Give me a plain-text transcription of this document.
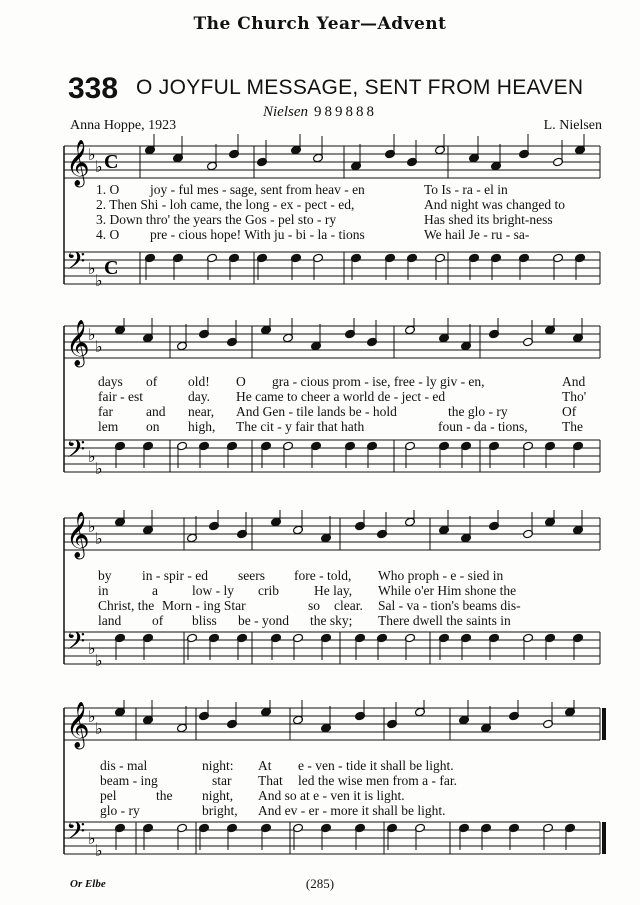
The Church Year—Advent
338 O JOYFUL MESSAGE, SENT FROM HEAVEN
Nielsen 989888
Anna Hoppe, 1923	L. Nielsen
𝄞
♭
♭ C
𝄢 ♭
♭
C
1. O joy - ful mes - sage, sent from heav - en	To Is - ra - el in
2. Then Shi - loh came, the long - ex - pect - ed,	And night was changed to
3. Down thro' the years the Gos - pel sto - ry	Has shed its bright-ness
4. O pre - cious hope! With ju - bi - la - tions	We hail Je - ru - sa-
𝄞
♭
♭
𝄢 ♭
♭
days of old! O gra - cious prom - ise, free - ly giv - en,	And
fair - est	day. He came to cheer a world de - ject - ed	Tho'
far and near, And Gen - tile lands be - hold	the glo - ry	Of
lem on high, The cit - y fair that hath	foun - da - tions,	The
𝄞
♭
♭
𝄢 ♭
♭
by in - spir - ed seers fore - told, Who proph - e - sied in
in	a	low - ly crib	He lay, While o'er Him shone the
Christ, the Morn - ing Star	so clear. Sal - va - tion's beams dis-
land of bliss be - yond the sky; There dwell the saints in
𝄞
♭
♭
𝄢 ♭
♭
dis - mal	night: At e - ven - tide it shall be light.
beam - ing	star That led the wise men from a - far.
pel	the night, And so at e - ven it is light.
glo - ry	bright, And ev - er - more it shall be light.
Or Elbe	(285)
